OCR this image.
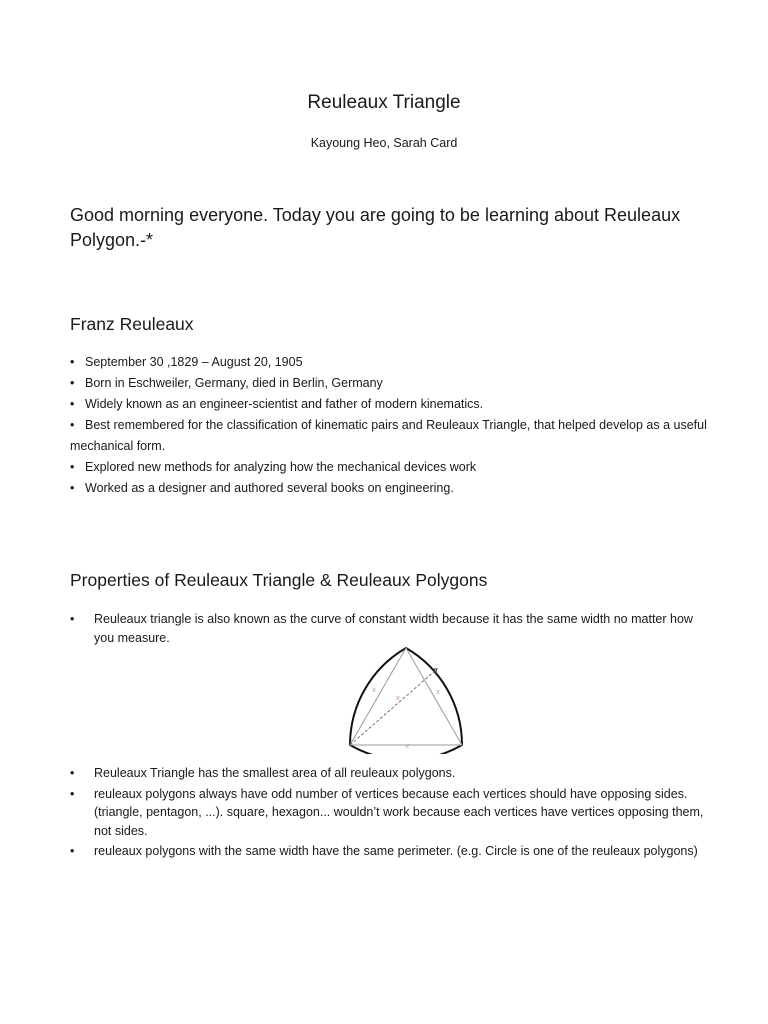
Reuleaux Triangle
Kayoung Heo, Sarah Card
Good morning everyone. Today you are going to be learning about Reuleaux Polygon.-*
Franz Reuleaux
• September 30 ,1829 – August 20, 1905
• Born in Eschweiler, Germany, died in Berlin, Germany
• Widely known as an engineer-scientist and father of modern kinematics.
• Best remembered for the classification of kinematic pairs and Reuleaux Triangle, that helped develop as a useful mechanical form.
• Explored new methods for analyzing how the mechanical devices work
• Worked as a designer and authored several books on engineering.
Properties of Reuleaux Triangle & Reuleaux Polygons
• Reuleaux triangle is also known as the curve of constant width because it has the same width no matter how you measure.
x	x
x
x
• Reuleaux Triangle has the smallest area of all reuleaux polygons.
• reuleaux polygons always have odd number of vertices because each vertices should have opposing sides. (triangle, pentagon, ...). square, hexagon... wouldn’t work because each vertices have vertices opposing them, not sides.
• reuleaux polygons with the same width have the same perimeter. (e.g. Circle is one of the reuleaux polygons)
